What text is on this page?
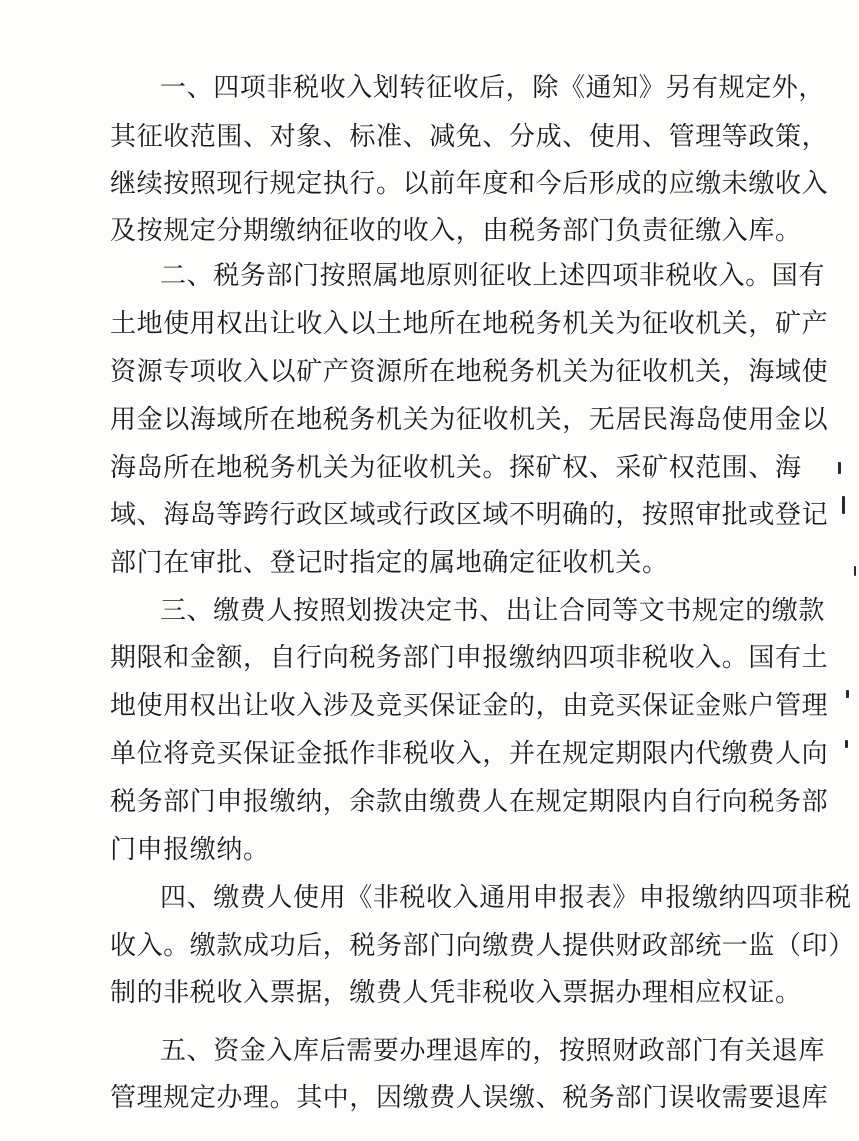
一、四项非税收入划转征收后，除《通知》另有规定外，
其征收范围、对象、标准、减免、分成、使用、管理等政策，
继续按照现行规定执行。以前年度和今后形成的应缴未缴收入
及按规定分期缴纳征收的收入，由税务部门负责征缴入库。
二、税务部门按照属地原则征收上述四项非税收入。国有
土地使用权出让收入以土地所在地税务机关为征收机关，矿产
资源专项收入以矿产资源所在地税务机关为征收机关，海域使
用金以海域所在地税务机关为征收机关，无居民海岛使用金以
海岛所在地税务机关为征收机关。探矿权、采矿权范围、海
域、海岛等跨行政区域或行政区域不明确的，按照审批或登记
部门在审批、登记时指定的属地确定征收机关。
三、缴费人按照划拨决定书、出让合同等文书规定的缴款
期限和金额，自行向税务部门申报缴纳四项非税收入。国有土
地使用权出让收入涉及竞买保证金的，由竞买保证金账户管理
单位将竞买保证金抵作非税收入，并在规定期限内代缴费人向
税务部门申报缴纳，余款由缴费人在规定期限内自行向税务部
门申报缴纳。
四、缴费人使用《非税收入通用申报表》申报缴纳四项非税
收入。缴款成功后，税务部门向缴费人提供财政部统一监（印）
制的非税收入票据，缴费人凭非税收入票据办理相应权证。
五、资金入库后需要办理退库的，按照财政部门有关退库
管理规定办理。其中，因缴费人误缴、税务部门误收需要退库
